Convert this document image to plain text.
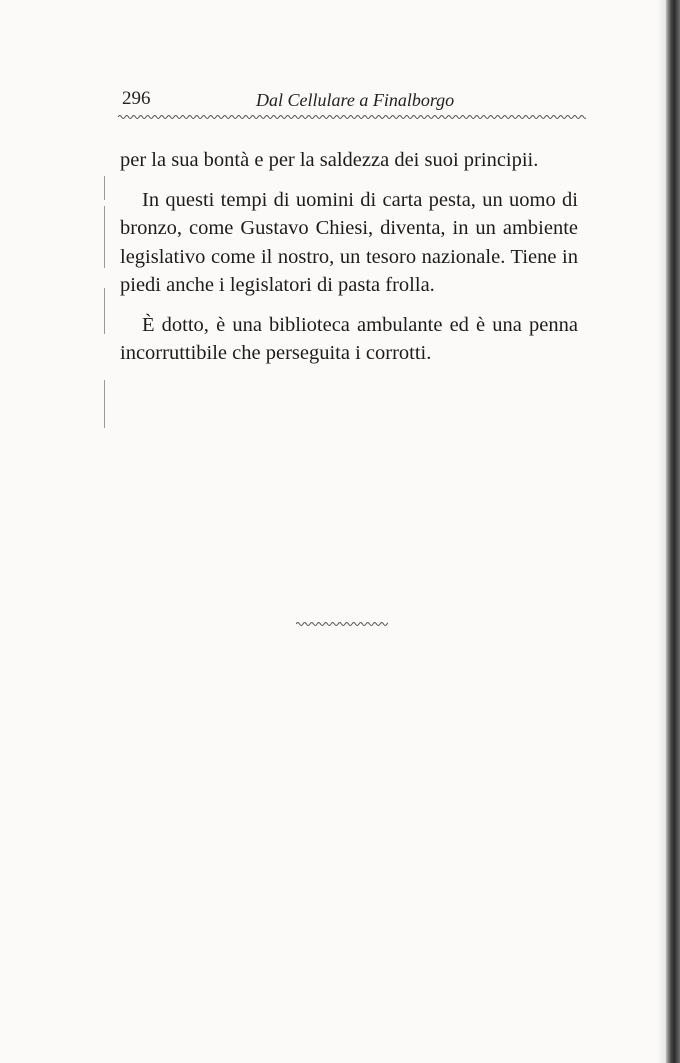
296	Dal Cellulare a Finalborgo

per la sua bontà e per la saldezza dei suoi principii.

In questi tempi di uomini di carta pesta, un uomo di bronzo, come Gustavo Chiesi, diventa, in un ambiente legislativo come il nostro, un tesoro nazionale. Tiene in piedi anche i legislatori di pasta frolla.

È dotto, è una biblioteca ambulante ed è una penna incorruttibile che perseguita i corrotti.
